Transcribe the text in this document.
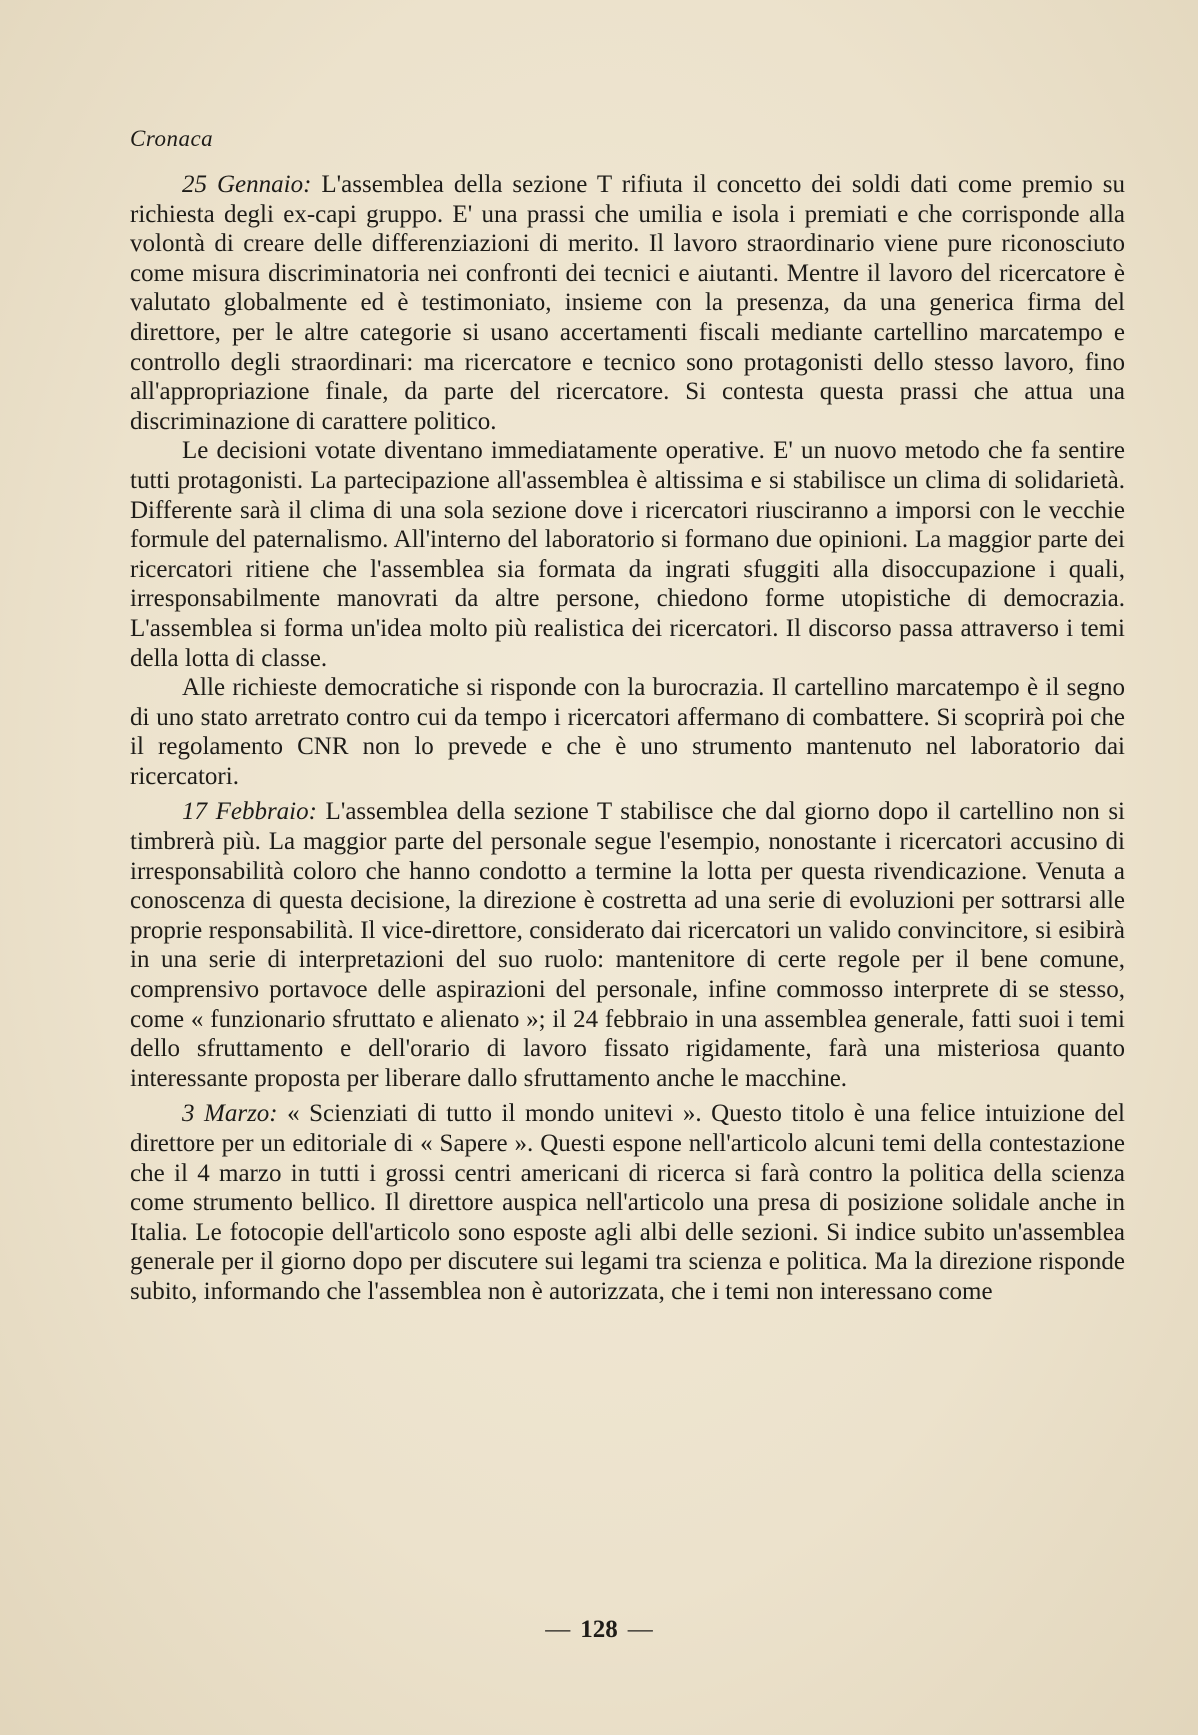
Cronaca

25 Gennaio: L'assemblea della sezione T rifiuta il concetto dei soldi dati come premio su richiesta degli ex-capi gruppo. E' una prassi che umilia e isola i premiati e che corrisponde alla volontà di creare delle differenziazioni di merito. Il lavoro straordinario viene pure riconosciuto come misura discriminatoria nei confronti dei tecnici e aiutanti. Mentre il lavoro del ricercatore è valutato globalmente ed è testimoniato, insieme con la presenza, da una generica firma del direttore, per le altre categorie si usano accertamenti fiscali mediante cartellino marcatempo e controllo degli straordinari: ma ricercatore e tecnico sono protagonisti dello stesso lavoro, fino all'appropriazione finale, da parte del ricercatore. Si contesta questa prassi che attua una discriminazione di carattere politico.

Le decisioni votate diventano immediatamente operative. E' un nuovo metodo che fa sentire tutti protagonisti. La partecipazione all'assemblea è altissima e si stabilisce un clima di solidarietà. Differente sarà il clima di una sola sezione dove i ricercatori riusciranno a imporsi con le vecchie formule del paternalismo. All'interno del laboratorio si formano due opinioni. La maggior parte dei ricercatori ritiene che l'assemblea sia formata da ingrati sfuggiti alla disoccupazione i quali, irresponsabilmente manovrati da altre persone, chiedono forme utopistiche di democrazia. L'assemblea si forma un'idea molto più realistica dei ricercatori. Il discorso passa attraverso i temi della lotta di classe.

Alle richieste democratiche si risponde con la burocrazia. Il cartellino marcatempo è il segno di uno stato arretrato contro cui da tempo i ricercatori affermano di combattere. Si scoprirà poi che il regolamento CNR non lo prevede e che è uno strumento mantenuto nel laboratorio dai ricercatori.

17 Febbraio: L'assemblea della sezione T stabilisce che dal giorno dopo il cartellino non si timbrerà più. La maggior parte del personale segue l'esempio, nonostante i ricercatori accusino di irresponsabilità coloro che hanno condotto a termine la lotta per questa rivendicazione. Venuta a conoscenza di questa decisione, la direzione è costretta ad una serie di evoluzioni per sottrarsi alle proprie responsabilità. Il vice-direttore, considerato dai ricercatori un valido convincitore, si esibirà in una serie di interpretazioni del suo ruolo: mantenitore di certe regole per il bene comune, comprensivo portavoce delle aspirazioni del personale, infine commosso interprete di se stesso, come « funzionario sfruttato e alienato »; il 24 febbraio in una assemblea generale, fatti suoi i temi dello sfruttamento e dell'orario di lavoro fissato rigidamente, farà una misteriosa quanto interessante proposta per liberare dallo sfruttamento anche le macchine.

3 Marzo: « Scienziati di tutto il mondo unitevi ». Questo titolo è una felice intuizione del direttore per un editoriale di « Sapere ». Questi espone nell'articolo alcuni temi della contestazione che il 4 marzo in tutti i grossi centri americani di ricerca si farà contro la politica della scienza come strumento bellico. Il direttore auspica nell'articolo una presa di posizione solidale anche in Italia. Le fotocopie dell'articolo sono esposte agli albi delle sezioni. Si indice subito un'assemblea generale per il giorno dopo per discutere sui legami tra scienza e politica. Ma la direzione risponde subito, informando che l'assemblea non è autorizzata, che i temi non interessano come

— 128 —
